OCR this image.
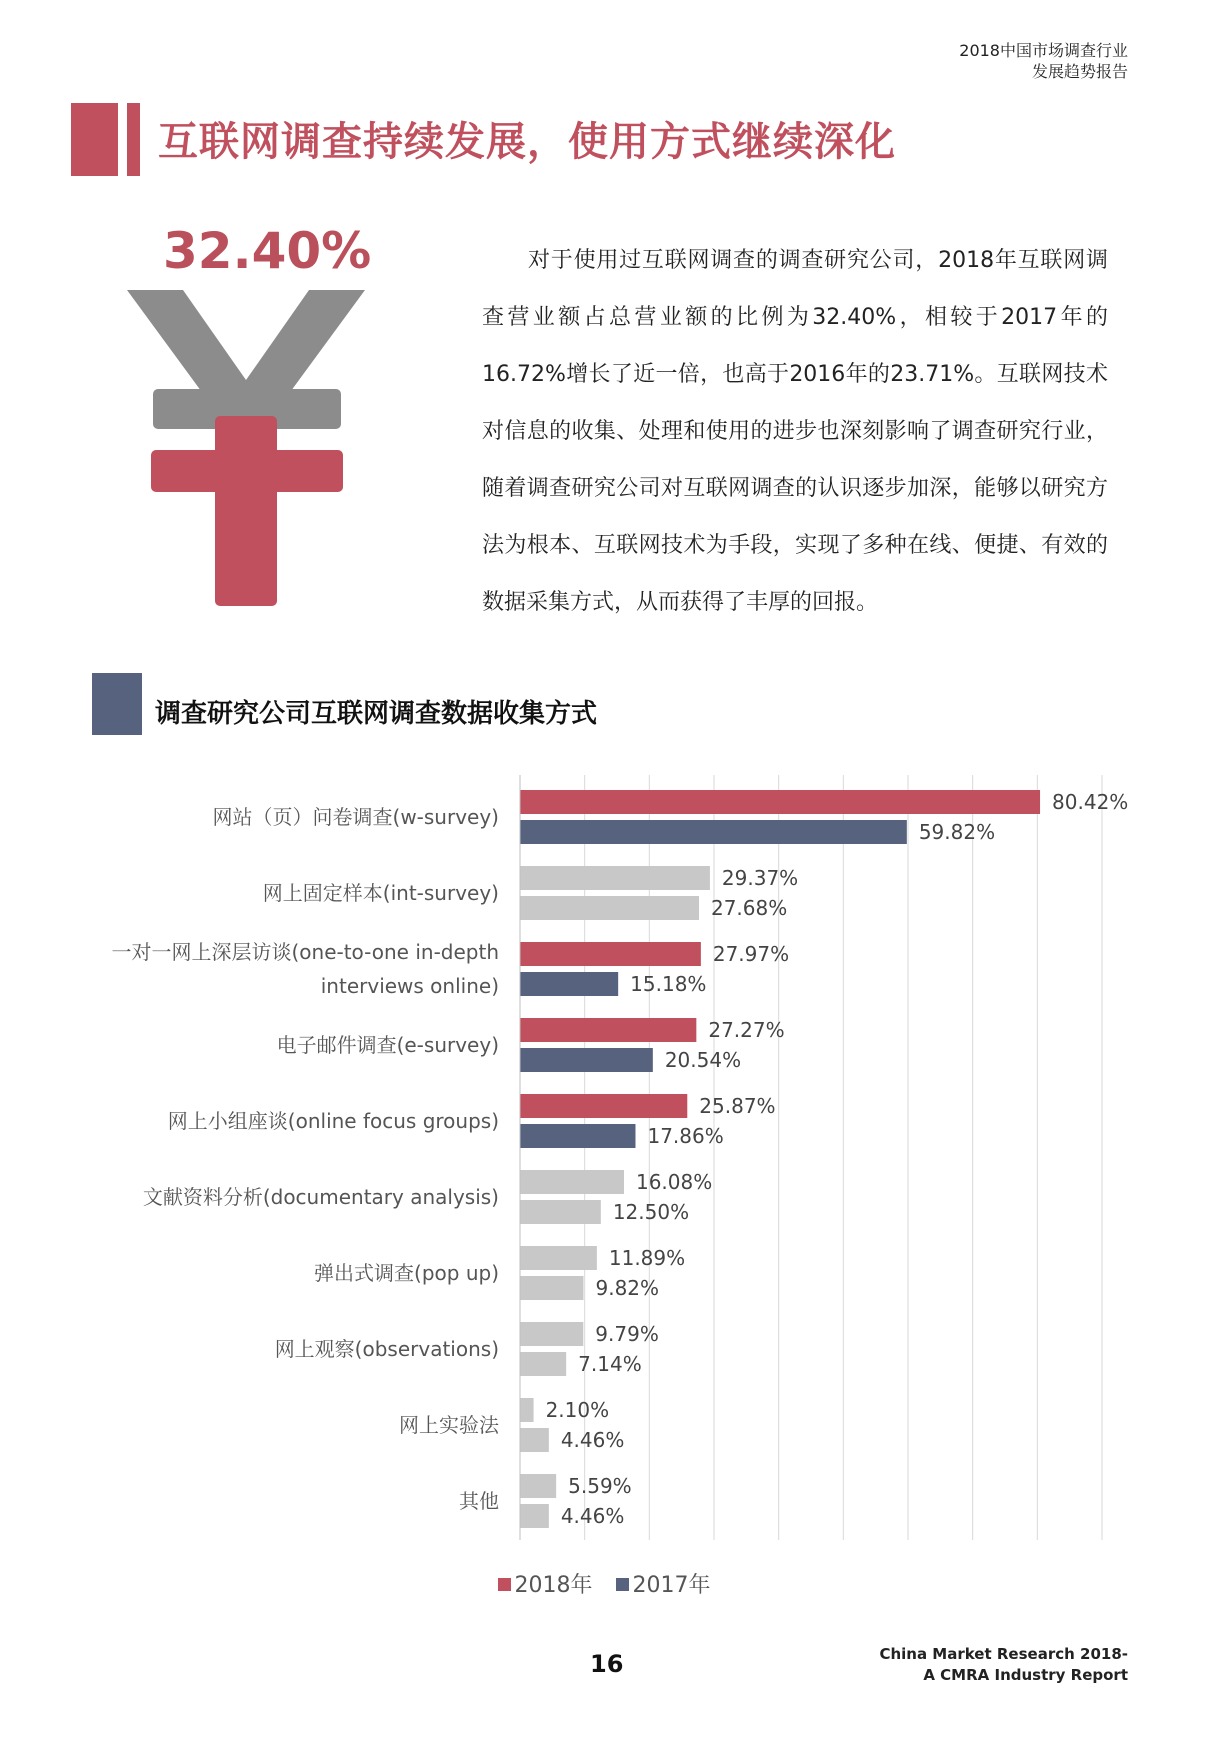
2018中国市场调查行业
发展趋势报告
互联网调查持续发展，使用方式继续深化
32.40%	对于使用过互联网调查的调查研究公司，2018年互联网调查营业额占总营业额的比例为32.40%，相较于2017年的16.72%增长了近一倍，也高于2016年的23.71%。互联网技术对信息的收集、处理和使用的进步也深刻影响了调查研究行业，随着调查研究公司对互联网调查的认识逐步加深，能够以研究方法为根本、互联网技术为手段，实现了多种在线、便捷、有效的数据采集方式，从而获得了丰厚的回报。
调查研究公司互联网调查数据收集方式
80.42%
59.82%
网站（页）问卷调查(w-survey)
29.37%
27.68%
网上固定样本(int-survey)
27.97%
15.18%
一对一网上深层访谈(one-to-one in-depth
interviews online)
27.27%
20.54%
电子邮件调查(e-survey)
25.87%
17.86%
网上小组座谈(online focus groups)
16.08%
12.50%
文献资料分析(documentary analysis)
11.89%
9.82%
弹出式调查(pop up)
9.79%
7.14%
网上观察(observations)
2.10%
4.46%
网上实验法
5.59%
4.46%
其他
2018年 2017年
16	China Market Research 2018-
A CMRA Industry Report
